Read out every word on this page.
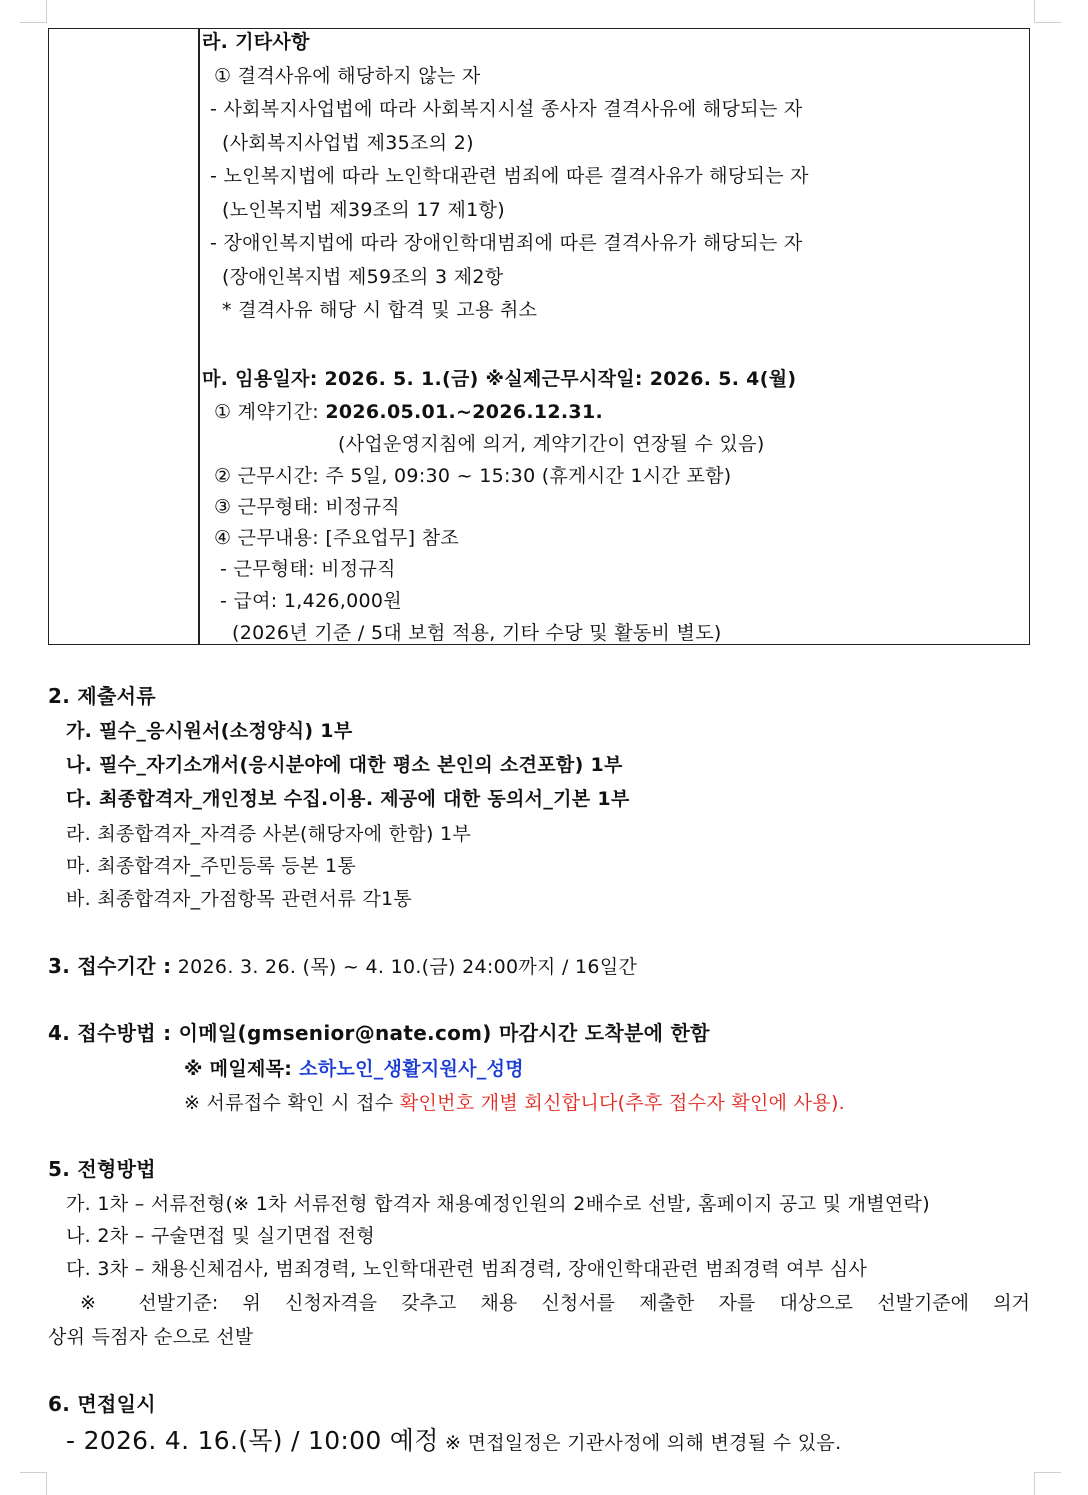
라. 기타사항
① 결격사유에 해당하지 않는 자
- 사회복지사업법에 따라 사회복지시설 종사자 결격사유에 해당되는 자
(사회복지사업법 제35조의 2)
- 노인복지법에 따라 노인학대관련 범죄에 따른 결격사유가 해당되는 자
(노인복지법 제39조의 17 제1항)
- 장애인복지법에 따라 장애인학대범죄에 따른 결격사유가 해당되는 자
(장애인복지법 제59조의 3 제2항
* 결격사유 해당 시 합격 및 고용 취소
마. 임용일자: 2026. 5. 1.(금) ※실제근무시작일: 2026. 5. 4(월)
① 계약기간: 2026.05.01.~2026.12.31.
(사업운영지침에 의거, 계약기간이 연장될 수 있음)
② 근무시간: 주 5일, 09:30 ~ 15:30 (휴게시간 1시간 포함)
③ 근무형태: 비정규직
④ 근무내용: [주요업무] 참조
- 근무형태: 비정규직
- 급여: 1,426,000원
(2026년 기준 / 5대 보험 적용, 기타 수당 및 활동비 별도)
2. 제출서류
가. 필수_응시원서(소정양식) 1부
나. 필수_자기소개서(응시분야에 대한 평소 본인의 소견포함) 1부
다. 최종합격자_개인정보 수집.이용. 제공에 대한 동의서_기본 1부
라. 최종합격자_자격증 사본(해당자에 한함) 1부
마. 최종합격자_주민등록 등본 1통
바. 최종합격자_가점항목 관련서류 각1통
3. 접수기간 : 2026. 3. 26. (목) ~ 4. 10.(금) 24:00까지 / 16일간
4. 접수방법 : 이메일(gmsenior@nate.com) 마감시간 도착분에 한함
※ 메일제목: 소하노인_생활지원사_성명
※ 서류접수 확인 시 접수 확인번호 개별 회신합니다(추후 접수자 확인에 사용).
5. 전형방법
가. 1차 – 서류전형(※ 1차 서류전형 합격자 채용예정인원의 2배수로 선발, 홈페이지 공고 및 개별연락)
나. 2차 – 구술면접 및 실기면접 전형
다. 3차 – 채용신체검사, 범죄경력, 노인학대관련 범죄경력, 장애인학대관련 범죄경력 여부 심사
※ 선발기준: 위 신청자격을 갖추고 채용 신청서를 제출한 자를 대상으로 선발기준에 의거
상위 득점자 순으로 선발
6. 면접일시
- 2026. 4. 16.(목) / 10:00 예정 ※ 면접일정은 기관사정에 의해 변경될 수 있음.
